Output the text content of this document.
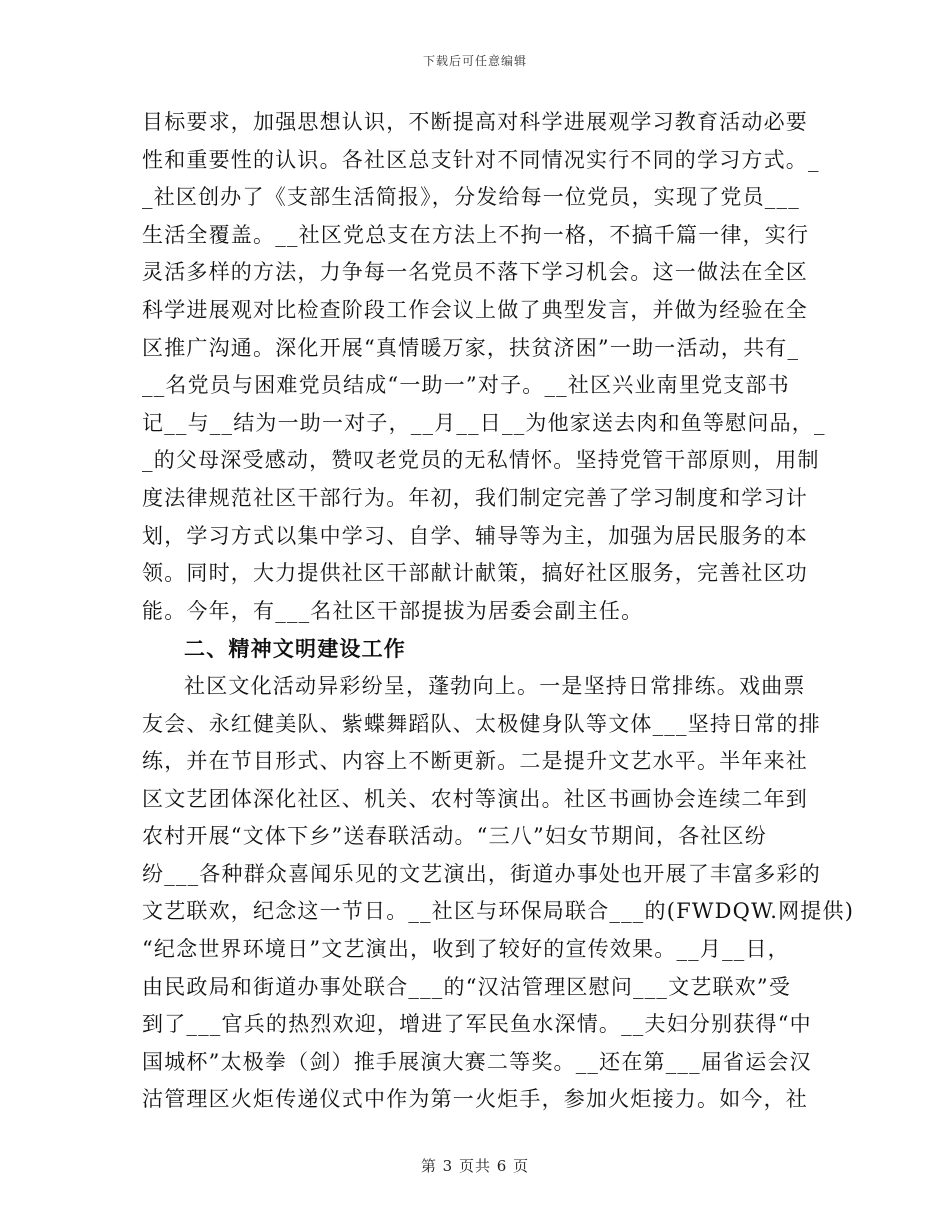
下载后可任意编辑
目标要求，加强思想认识，不断提高对科学进展观学习教育活动必要
性和重要性的认识。各社区总支针对不同情况实行不同的学习方式。_
_社区创办了《支部生活简报》，分发给每一位党员，实现了党员___
生活全覆盖。__社区党总支在方法上不拘一格，不搞千篇一律，实行
灵活多样的方法，力争每一名党员不落下学习机会。这一做法在全区
科学进展观对比检查阶段工作会议上做了典型发言，并做为经验在全
区推广沟通。深化开展“真情暖万家，扶贫济困”一助一活动，共有_
__名党员与困难党员结成“一助一”对子。__社区兴业南里党支部书
记__与__结为一助一对子，__月__日__为他家送去肉和鱼等慰问品，_
_的父母深受感动，赞叹老党员的无私情怀。坚持党管干部原则，用制
度法律规范社区干部行为。年初，我们制定完善了学习制度和学习计
划，学习方式以集中学习、自学、辅导等为主，加强为居民服务的本
领。同时，大力提供社区干部献计献策，搞好社区服务，完善社区功
能。今年，有___名社区干部提拔为居委会副主任。
二、精神文明建设工作
社区文化活动异彩纷呈，蓬勃向上。一是坚持日常排练。戏曲票
友会、永红健美队、紫蝶舞蹈队、太极健身队等文体___坚持日常的排
练，并在节目形式、内容上不断更新。二是提升文艺水平。半年来社
区文艺团体深化社区、机关、农村等演出。社区书画协会连续二年到
农村开展“文体下乡”送春联活动。“三八”妇女节期间，各社区纷
纷___各种群众喜闻乐见的文艺演出，街道办事处也开展了丰富多彩的
文艺联欢，纪念这一节日。__社区与环保局联合___的(FWDQW.网提供)
“纪念世界环境日”文艺演出，收到了较好的宣传效果。__月__日，
由民政局和街道办事处联合___的“汉沽管理区慰问___文艺联欢”受
到了___官兵的热烈欢迎，增进了军民鱼水深情。__夫妇分别获得“中
国城杯”太极拳（剑）推手展演大赛二等奖。__还在第___届省运会汉
沽管理区火炬传递仪式中作为第一火炬手，参加火炬接力。如今，社
第 3 页共 6 页
